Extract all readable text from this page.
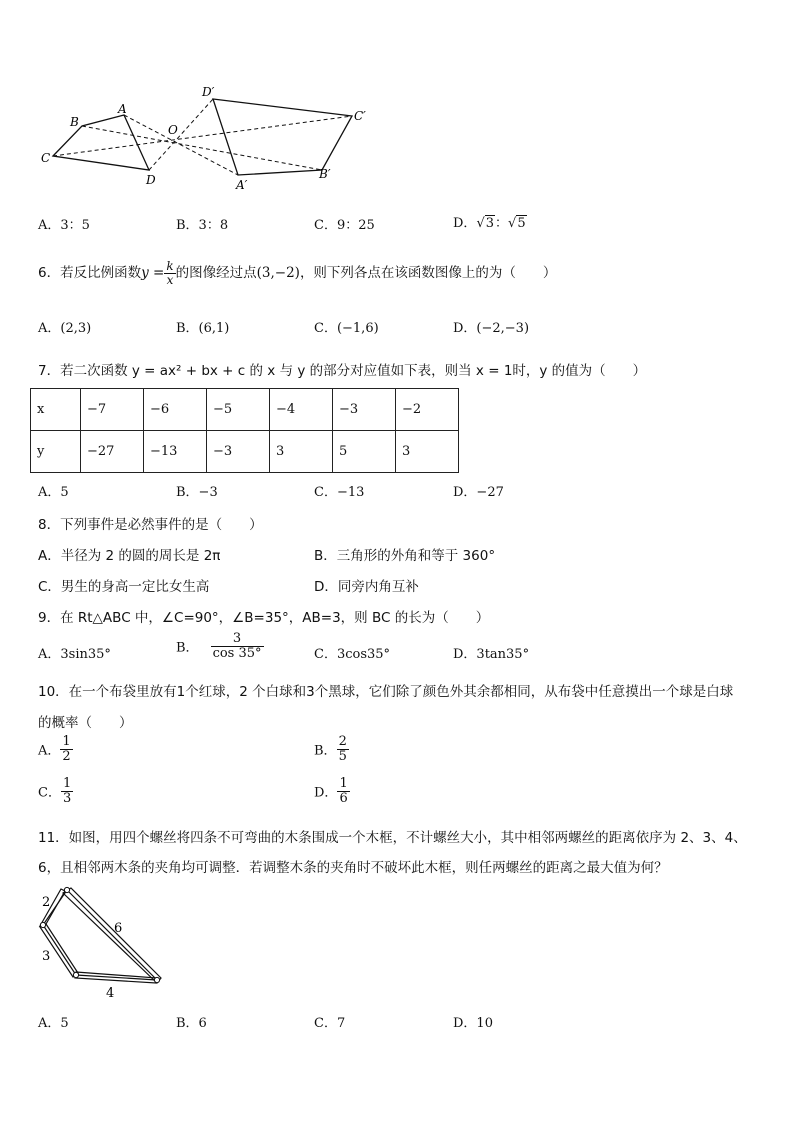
B
A
O
C
D
D′
C′
A′
B′
A．3：5	B．3：8	C．9：25	D．√3：√5
6．若反比例函数$y = \frac{k}{x}$ 的图像经过点(3,−2)，则下列各点在该函数图像上的为（　　）
A．(2,3)	B．(6,1)	C．(−1,6)	D．(−2,−3)
7．若二次函数 y = ax² + bx + c 的 x 与 y 的部分对应值如下表，则当 x = 1时，y 的值为（　　）
x	−7	−6	−5	−4	−3	−2
y	−27	−13	−3	3	5	3
A．5	B．−3	C．−13	D．−27
8．下列事件是必然事件的是（　　）
A．半径为 2 的圆的周长是 2π	B．三角形的外角和等于 360°
C．男生的身高一定比女生高	D．同旁内角互补
9．在 Rt△ABC 中，∠C=90°，∠B=35°，AB=3，则 BC 的长为（　　）
A．3sin35°	B． $\frac{3}{\cos 35^\circ}$	C．3cos35°	D．3tan35°
10．在一个布袋里放有1个红球，2 个白球和3个黑球，它们除了颜色外其余都相同，从布袋中任意摸出一个球是白球
的概率（　　）
A． $\frac{1}{2}$	B． $\frac{2}{5}$
C． $\frac{1}{3}$	D． $\frac{1}{6}$
11．如图，用四个螺丝将四条不可弯曲的木条围成一个木框，不计螺丝大小，其中相邻两螺丝的距离依序为 2、3、4、
6，且相邻两木条的夹角均可调整．若调整木条的夹角时不破坏此木框，则任两螺丝的距离之最大值为何？
2
3
6
4
A．5	B．6	C．7	D．10
